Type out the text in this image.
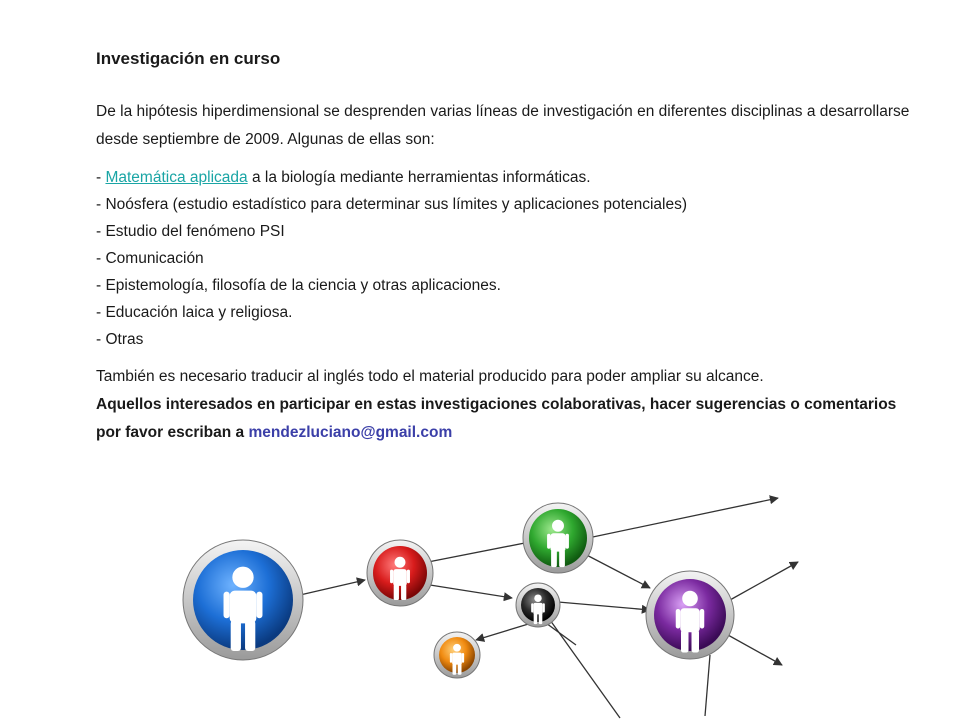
Investigación en curso

De la hipótesis hiperdimensional se desprenden varias líneas de investigación en diferentes disciplinas a desarrollarse desde septiembre de 2009. Algunas de ellas son:

- Matemática aplicada a la biología mediante herramientas informáticas.
- Noósfera (estudio estadístico para determinar sus límites y aplicaciones potenciales)
- Estudio del fenómeno PSI
- Comunicación
- Epistemología, filosofía de la ciencia y otras aplicaciones.
- Educación laica y religiosa.
- Otras

También es necesario traducir al inglés todo el material producido para poder ampliar su alcance.

Aquellos interesados en participar en estas investigaciones colaborativas, hacer sugerencias o comentarios por favor escriban a mendezluciano@gmail.com
